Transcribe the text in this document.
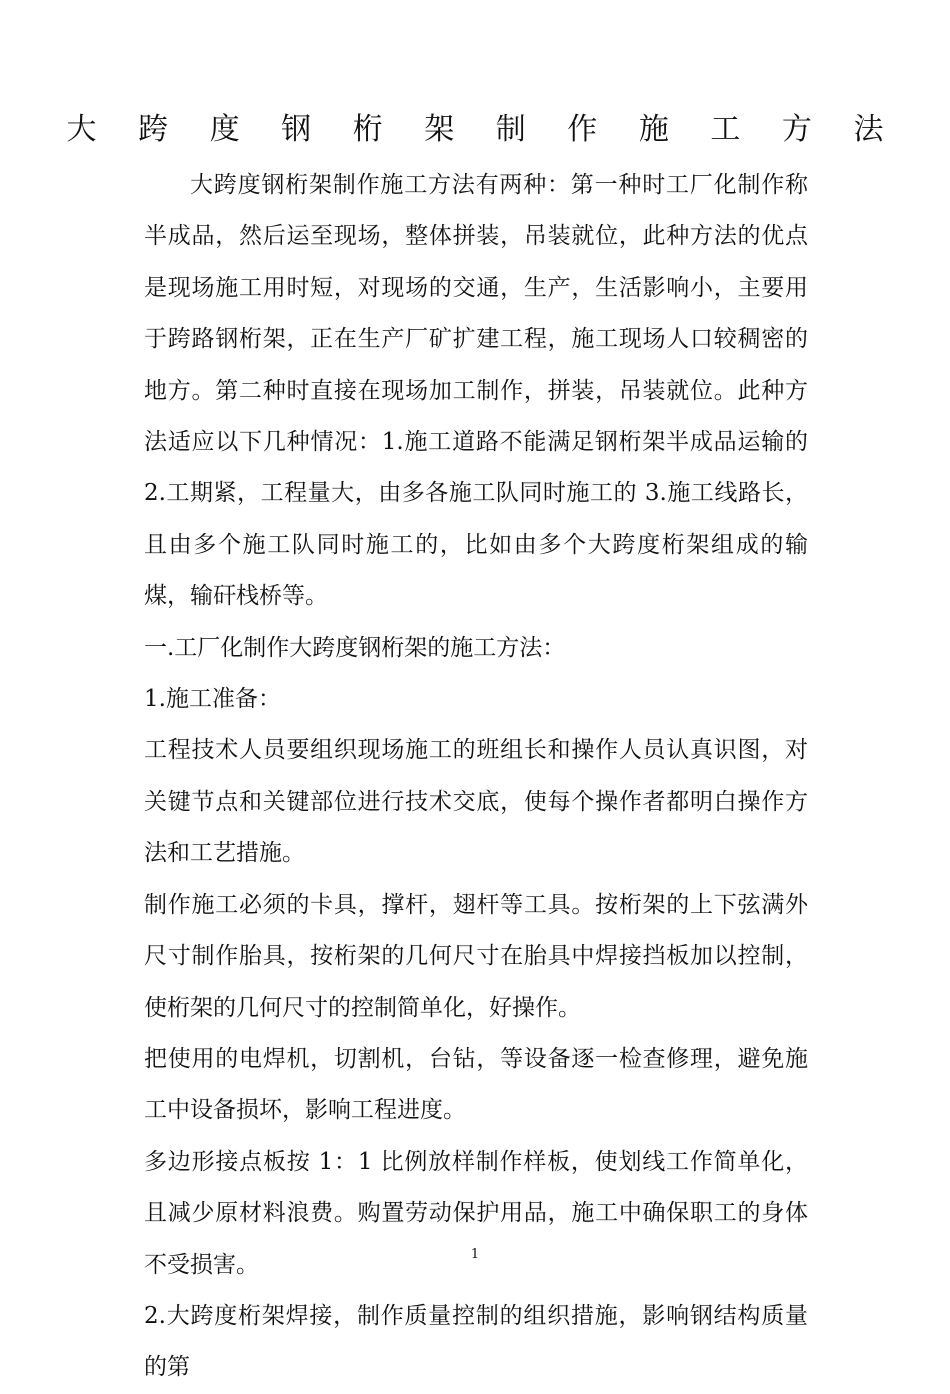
大 跨 度 钢 桁 架 制 作 施 工 方 法

大跨度钢桁架制作施工方法有两种：第一种时工厂化制作称半成品，然后运至现场，整体拼装，吊装就位，此种方法的优点是现场施工用时短，对现场的交通，生产，生活影响小，主要用于跨路钢桁架，正在生产厂矿扩建工程，施工现场人口较稠密的地方。第二种时直接在现场加工制作，拼装，吊装就位。此种方法适应以下几种情况：1.施工道路不能满足钢桁架半成品运输的 2.工期紧，工程量大，由多各施工队同时施工的 3.施工线路长，且由多个施工队同时施工的，比如由多个大跨度桁架组成的输煤，输矸栈桥等。

一.工厂化制作大跨度钢桁架的施工方法：

1.施工准备：

工程技术人员要组织现场施工的班组长和操作人员认真识图，对关键节点和关键部位进行技术交底，使每个操作者都明白操作方法和工艺措施。

制作施工必须的卡具，撑杆，翅杆等工具。按桁架的上下弦满外尺寸制作胎具，按桁架的几何尺寸在胎具中焊接挡板加以控制，使桁架的几何尺寸的控制简单化，好操作。

把使用的电焊机，切割机，台钻，等设备逐一检查修理，避免施工中设备损坏，影响工程进度。

多边形接点板按 1：1 比例放样制作样板，使划线工作简单化，且减少原材料浪费。购置劳动保护用品，施工中确保职工的身体不受损害。

2.大跨度桁架焊接，制作质量控制的组织措施，影响钢结构质量的第

1
